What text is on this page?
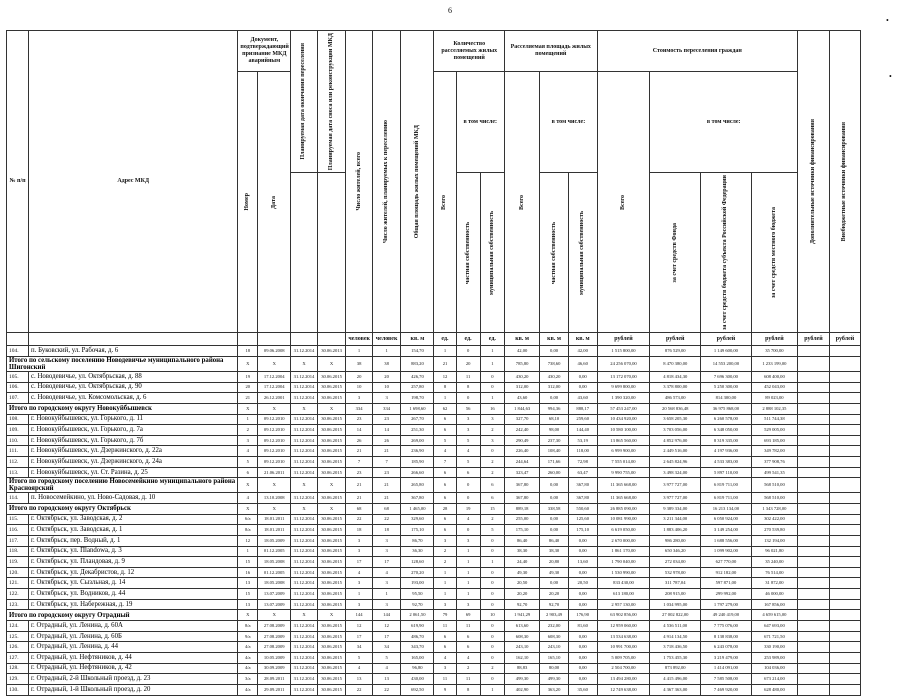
6
•
•
№ п/п	Адрес МКД	Документ, подтверждающий признание МКД аварийным		Планируемая дата окончания переселения	Планируемая дата сноса или реконструкции МКД	Число жителей, всего	Число жителей, планируемых к переселению	Общая площадь жилых помещений МКД	Количество расселяемых жилых помещений			Расселяемая площадь жилых помещений			Стоимость переселения граждан				Дополнительные источники финансирования	Внебюджетные источники финансирования

		Номер	Дата						Всего	в том числе:		Всего	в том числе:		Всего	в том числе:				

										частная собственность	муниципальная собственность		частная собственность	муниципальная собственность		за счет средств Фонда	за счет средств бюджета субъекта Российской Федерации	за счет средств местного бюджета		

						человек	человек	кв. м	ед.	ед.	ед.	кв. м	кв. м	кв. м	рублей	рублей	рублей	рублей	рублей	рублей
104.	п. Буковский, ул. Рабочая, д. 6	18	09.06.2008	31.12.2014	30.06.2013	1	1	154,70	1	0	1	42,00	0,00	42,00	1 515 800,00	876 529,00	1 149 600,00	35 700,00		
Итого по сельскому поселению Новодевичье муниципального района Шигонский		X	X	X	X	38	38	883,20	21	20	1	785,80	738,60	46,60	24 256 070,00	8 470 380,00	14 553 200,00	1 233 199,00		
105.	с. Новодевичье, ул. Октябрьская, д. 88	19	17.12.2004	31.12.2014	30.06.2015	20	20	426,70	12	11	0	430,20	430,20	0,00	13 172 070,00	4 818 434,30	7 696 300,00	608 400,00		
106.	с. Новодевичье, ул. Октябрьская, д. 90	20	17.12.2004	31.12.2014	30.06.2015	10	10	257,80	8	8	0	312,00	312,00	0,00	9 699 800,00	3 378 800,00	5 250 300,00	452 043,00		
107.	с. Новодевичье, ул. Комсомольская, д. 6	21	26.12.2001	31.12.2014	30.06.2015	3	3	198,70	1	0	1	43,60	0,00	43,60	1 390 320,00	486 573,00	814 300,00	89 023,00		
Итого по городскому округу Новокуйбышевск		X	X	X	X	334	334	1 698,60	62	56	16	1 844,63	994,36	888,17	57 453 247,00	20 568 836,48	36 975 868,00	2 888 102,35		
108.	г. Новокуйбышевск, ул. Горького, д. 11	1	09.12.2010	31.12.2014	30.06.2015	23	23	267,70	6	3	3	327,70	68,10	259,60	10 434 920,00	3 658 205,30	6 260 578,00	511 744,38		
109.	г. Новокуйбышевск, ул. Горького, д. 7а	2	09.12.2010	31.12.2014	30.06.2015	14	14	251,30	6	3	2	242,40	98,00	144,40	10 580 100,00	3 703 056,00	6 348 050,00	529 005,00		
110.	г. Новокуйбышевск, ул. Горького, д. 7б	3	09.12.2010	31.12.2014	30.06.2015	26	26	269,00	5	5	3	290,49	237,30	53,19	13 865 560,00	4 852 976,00	8 319 335,00	693 185,00		
111.	г. Новокуйбышевск, ул. Дзержинского, д. 22а	4	09.12.2010	31.12.2014	30.06.2015	21	21	236,90	4	4	0	226,40	108,40	118,00	6 999 900,00	2 449 516,00	4 197 936,00	349 782,00		
112.	г. Новокуйбышевск, ул. Дзержинского, д. 24а	5	09.12.2010	31.12.2014	30.06.2015	7	7	185,90	7	5	2	244,64	171,66	72,98	7 555 014,00	2 645 824,96	4 533 383,00	377 908,76		
113.	г. Новокуйбышевск, ул. Ст. Разина, д. 25	6	21.06.2011	31.12.2014	30.06.2015	23	23	266,60	6	6	2	323,47	260,00	63,47	9 990 755,00	3 498 324,00	5 897 110,00	499 541,35		
Итого по городскому поселению Новосемейкино муниципального района Красноярский		X	X	X	X	21	21	265,80	6	0	6	367,80	0,00	367,80	11 365 668,00	3 977 727,00	6 819 711,00	568 510,00		
114.	п. Новосемейкино, ул. Ново-Садовая, д. 10	4	13.10.2008	31.12.2014	30.06.2015	21	21	367,80	6	0	6	367,80	0,00	367,80	11 365 668,00	3 977 727,00	6 819 711,00	568 510,00		
Итого по городскому округу Октябрьск		X	X	X	X	68	68	1 465,00	28	19	15	889,18	338,58	550,60	26 885 090,00	9 389 334,00	16 213 134,00	1 343 728,00		
115.	г. Октябрьск, ул. Заводская, д. 2	6/а	18.01.2011	31.12.2014	30.06.2015	22	22	329,60	6	4	2	255,00	0,00	125,60	10 081 990,00	3 211 344,00	6 050 924,00	302 422,00		
116.	г. Октябрьск, ул. Заводская, д. 1	8/а	18.01.2011	31.12.2014	30.06.2015	18	18	175,10	6	0	5	175,10	0,00	175,10	6 619 050,00	1 883 406,20	3 149 254,00	270 539,80		
117.	г. Октябрьск, пер. Водный, д. 1	12	18.05.2009	31.12.2014	30.06.2015	3	3	86,70	3	3	0	86,40	86,40	0,00	2 670 000,00	986 280,00	1 688 556,00	132 194,00		
118.	г. Октябрьск, ул. Пlandowa, д. 3	1	01.12.2005	31.12.2014	30.06.2015	3	3	36,30	2	1	0	38,30	38,30	0,00	1 861 170,00	650 346,20	1 099 902,00	96 021,80		
119.	г. Октябрьск, ул. Пландовая, д. 9	15	18.05.2008	31.12.2014	30.06.2015	17	17	128,60	2	1	1	24,40	20,80	13,60	1 790 040,00	272 034,00	627 770,00	35 240,00		
120.	г. Октябрьск, ул. Декабристов, д. 12	16	01.12.2005	31.12.2014	30.06.2015	4	4	270,20	1	1	0	49,30	49,30	0,00	1 530 990,00	532 978,00	912 182,00	76 514,00		
121.	г. Октябрьск, ул. Сызльная, д. 14	13	18.05.2008	31.12.2014	30.06.2015	3	3	193,00	1	1	0	20,50	0,00	20,50	833 430,00	311 787,04	597 871,00	31 872,00		
122.	г. Октябрьск, ул. Водников, д. 44	15	13.07.2009	31.12.2014	30.06.2015	1	1	95,50	1	1	0	20,20	20,20	0,00	613 180,00	208 915,00	299 992,00	46 000,00		
123.	г. Октябрьск, ул. Набережная, д. 19	13	13.07.2009	31.12.2014	30.06.2015	3	3	92,70	3	3	0	92,70	92,70	0,00	2 957 130,00	1 034 995,00	1 797 279,00	167 856,00		
Итого по городскому округу Отрадный		X	X	X	X	144	144	2 061,50	79	69	10	1 941,29	2 903,49	176,90	63 902 856,00	27 002 822,00	49 240 419,00	4 659 615,00		
124.	г. Отрадный, ул. Ленина, д. 60А	8/а	27.08.2009	31.12.2014	30.06.2015	12	12	619,90	11	11	0	613,60	232,00	81,60	12 959 060,00	4 536 511,00	7 775 076,00	647 693,00		
125.	г. Отрадный, ул. Ленина, д. 60Б	9/а	27.08.2009	31.12.2014	30.06.2015	17	17	486,70	6	6	0	608,30	608,30	0,00	13 534 638,00	4 914 134,50	8 138 838,00	671 721,50		
126.	г. Отрадный, ул. Ленина, д. 44	4/а	27.08.2009	31.12.2014	30.06.2015	34	34	343,70	6	6	0	243,10	243,10	0,00	10 991 700,00	3 718 436,50	6 243 078,00	330 190,00		
127.	г. Отрадный, ул. Нефтяников, д. 44	4/а	10.05.2009	31.12.2014	30.06.2015	5	5	165,00	4	4	0	162,10	165,10	0,00	5 009 705,00	1 753 455,30	3 219 479,00	253 989,00		
128.	г. Отрадный, ул. Нефтяников, д. 42	4/а	30.09.2009	31.12.2014	30.06.2015	4	4	96,80	3	2	2	88,83	80,00	0,00	2 504 700,00	873 892,00	1 414 091,00	104 036,00		
129.	г. Отрадный, 2-й Школьный проезд, д. 23	3/а	28.09.2011	31.12.2014	30.06.2015	13	13	430,00	11	11	0	499,30	499,30	0,00	13 494 280,00	4 415 496,00	7 585 508,00	673 214,00		
130.	г. Отрадный, 1-й Школьный проезд, д. 20	4/а	29.09.2011	31.12.2014	30.06.2015	22	22	692,50	9	8	1	402,90	363,20	35,60	12 749 638,00	4 367 363,00	7 469 920,00	628 480,00		
